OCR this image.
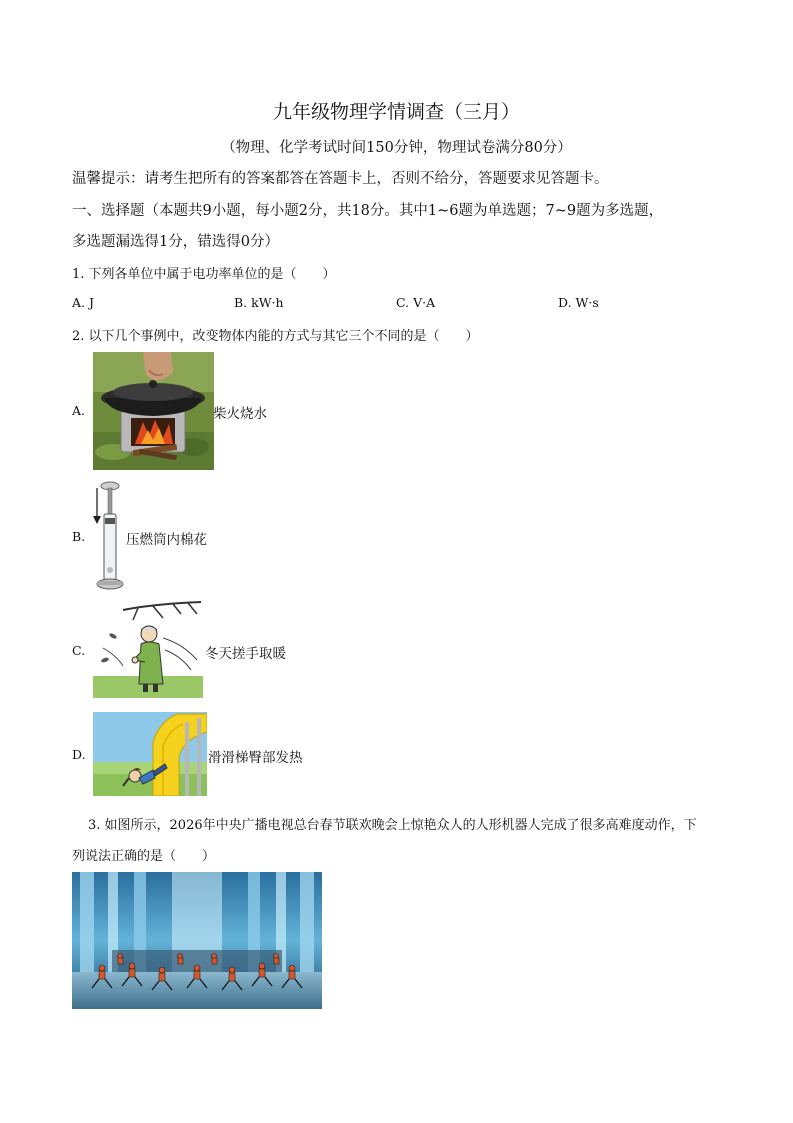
九年级物理学情调查（三月）
（物理、化学考试时间150分钟，物理试卷满分80分）
温馨提示：请考生把所有的答案都答在答题卡上，否则不给分，答题要求见答题卡。
一、选择题（本题共9小题，每小题2分，共18分。其中1~6题为单选题；7~9题为多选题，
多选题漏选得1分，错选得0分）
1. 下列各单位中属于电功率单位的是（　　）
A. J	B. kW·h	C. V·A	D. W·s
2. 以下几个事例中，改变物体内能的方式与其它三个不同的是（　　）
A.	柴火烧水
B.	压燃筒内棉花
C.	冬天搓手取暖
D.	滑滑梯臀部发热
3. 如图所示，2026年中央广播电视总台春节联欢晚会上惊艳众人的人形机器人完成了很多高难度动作，下
列说法正确的是（　　）
